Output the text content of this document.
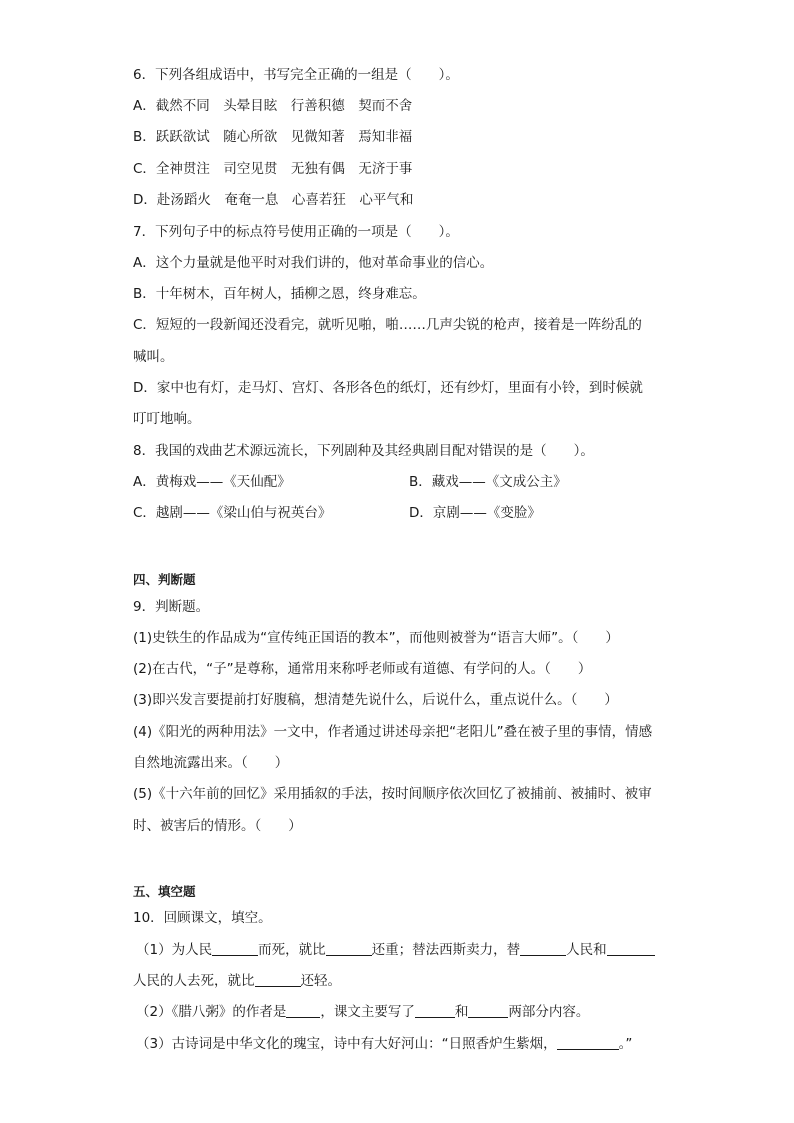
6．下列各组成语中，书写完全正确的一组是（　　）。
A．截然不同　头晕目眩　行善积德　契而不舍
B．跃跃欲试　随心所欲　见微知著　焉知非福
C．全神贯注　司空见贯　无独有偶　无济于事
D．赴汤蹈火　奄奄一息　心喜若狂　心平气和
7．下列句子中的标点符号使用正确的一项是（　　）。
A．这个力量就是他平时对我们讲的，他对革命事业的信心。
B．十年树木，百年树人，插柳之恩，终身难忘。
C．短短的一段新闻还没看完，就听见啪，啪……几声尖锐的枪声，接着是一阵纷乱的
喊叫。
D．家中也有灯，走马灯、宫灯、各形各色的纸灯，还有纱灯，里面有小铃，到时候就
叮叮地响。
8．我国的戏曲艺术源远流长，下列剧种及其经典剧目配对错误的是（　　）。
A．黄梅戏——《天仙配》	B．藏戏——《文成公主》
C．越剧——《梁山伯与祝英台》	D．京剧——《变脸》
四、判断题
9．判断题。
(1)史铁生的作品成为“宣传纯正国语的教本”，而他则被誉为“语言大师”。（　　）
(2)在古代，“子”是尊称，通常用来称呼老师或有道德、有学问的人。（　　）
(3)即兴发言要提前打好腹稿，想清楚先说什么，后说什么，重点说什么。（　　）
(4)《阳光的两种用法》一文中，作者通过讲述母亲把“老阳儿”叠在被子里的事情，情感
自然地流露出来。（　　）
(5)《十六年前的回忆》采用插叙的手法，按时间顺序依次回忆了被捕前、被捕时、被审
时、被害后的情形。（　　）
五、填空题
10．回顾课文，填空。
（1）为人民	而死，就比	还重；替法西斯卖力，替	人民和
人民的人去死，就比	还轻。
（2）《腊八粥》的作者是	，课文主要写了	和	两部分内容。
（3）古诗词是中华文化的瑰宝，诗中有大好河山：“日照香炉生紫烟，	。”
